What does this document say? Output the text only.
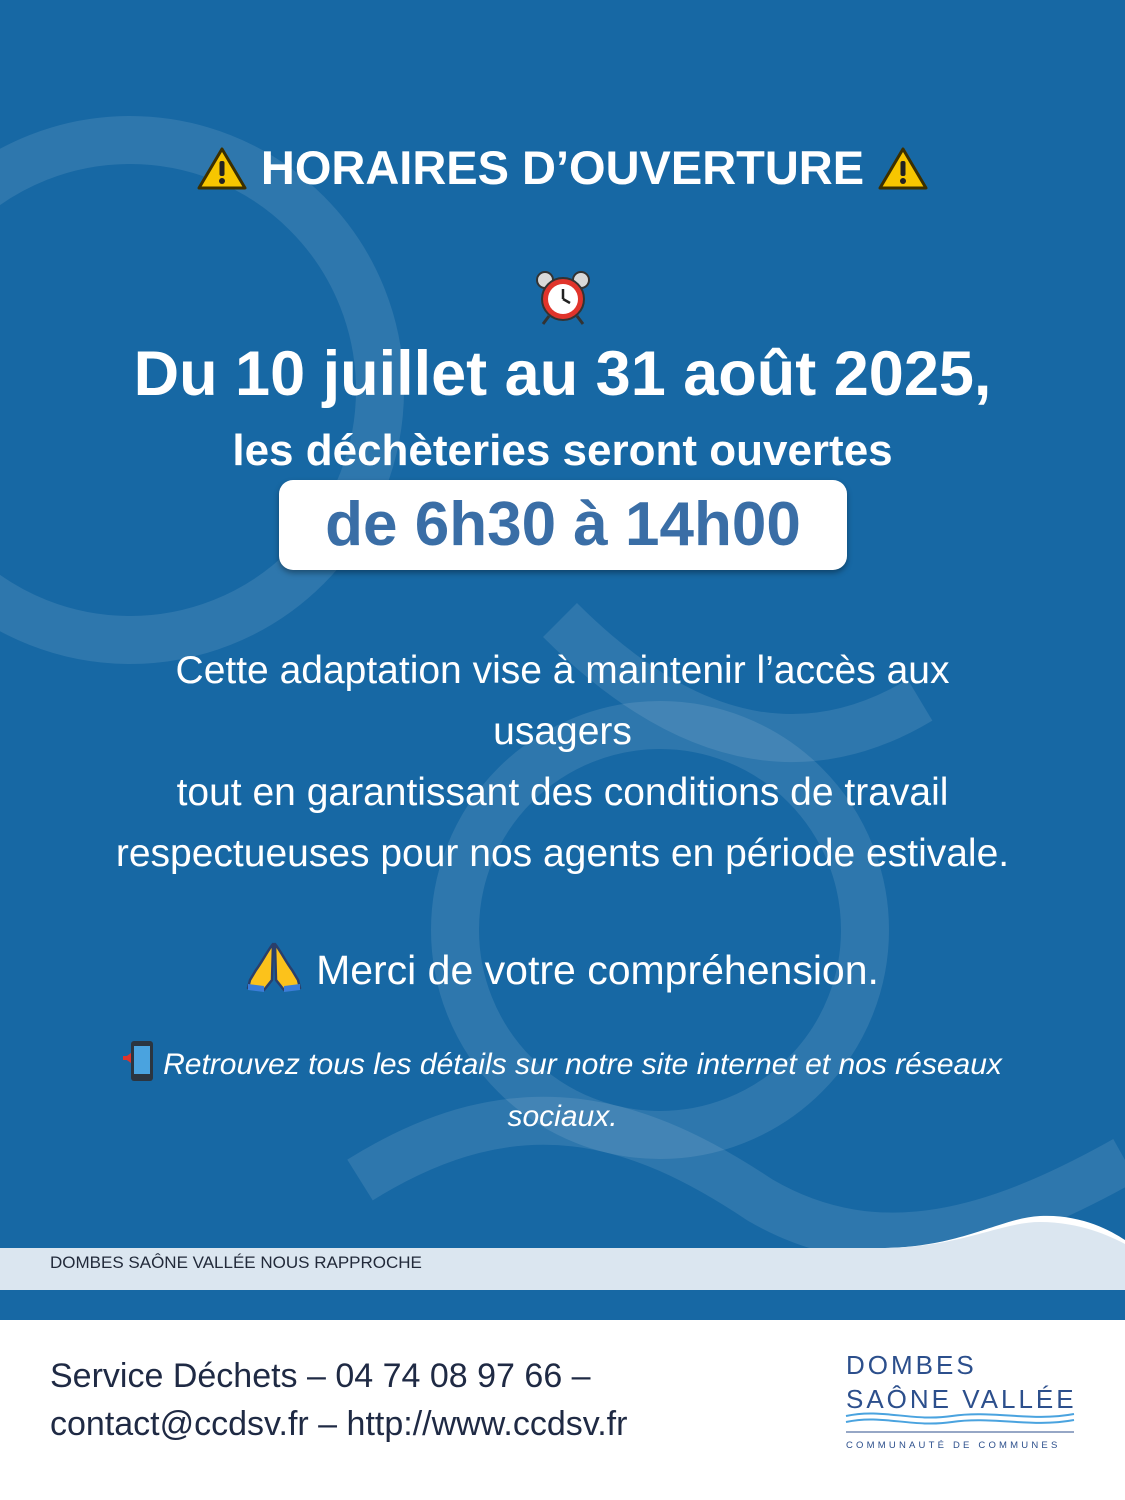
HORAIRES D’OUVERTURE
Du 10 juillet au 31 août 2025,
les déchèteries seront ouvertes
de 6h30 à 14h00
Cette adaptation vise à maintenir l’accès aux
usagers
tout en garantissant des conditions de travail
respectueuses pour nos agents en période estivale.
Merci de votre compréhension.
Retrouvez tous les détails sur notre site internet et nos réseaux
sociaux.
DOMBES SAÔNE VALLÉE NOUS RAPPROCHE
Service Déchets – 04 74 08 97 66 –
contact@ccdsv.fr – http://www.ccdsv.fr
DOMBES
SAÔNE VALLÉE
COMMUNAUTÉ DE COMMUNES
